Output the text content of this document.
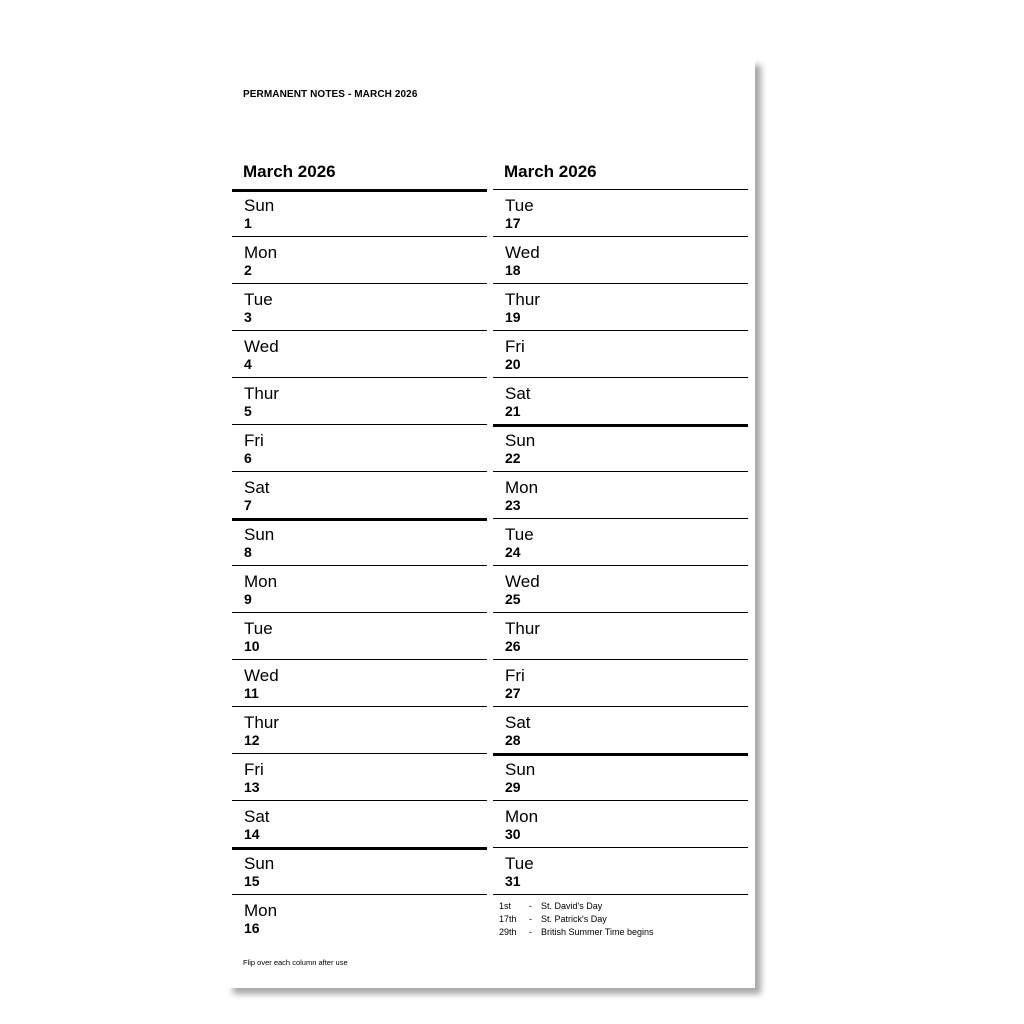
PERMANENT NOTES - MARCH 2026
March 2026
Sun
1
Mon
2
Tue
3
Wed
4
Thur
5
Fri
6
Sat
7
Sun
8
Mon
9
Tue
10
Wed
11
Thur
12
Fri
13
Sat
14
Sun
15
Mon
16
March 2026
Tue
17
Wed
18
Thur
19
Fri
20
Sat
21
Sun
22
Mon
23
Tue
24
Wed
25
Thur
26
Fri
27
Sat
28
Sun
29
Mon
30
Tue
31
1st - St. David's Day
17th - St. Patrick's Day
29th - British Summer Time begins
Flip over each column after use
